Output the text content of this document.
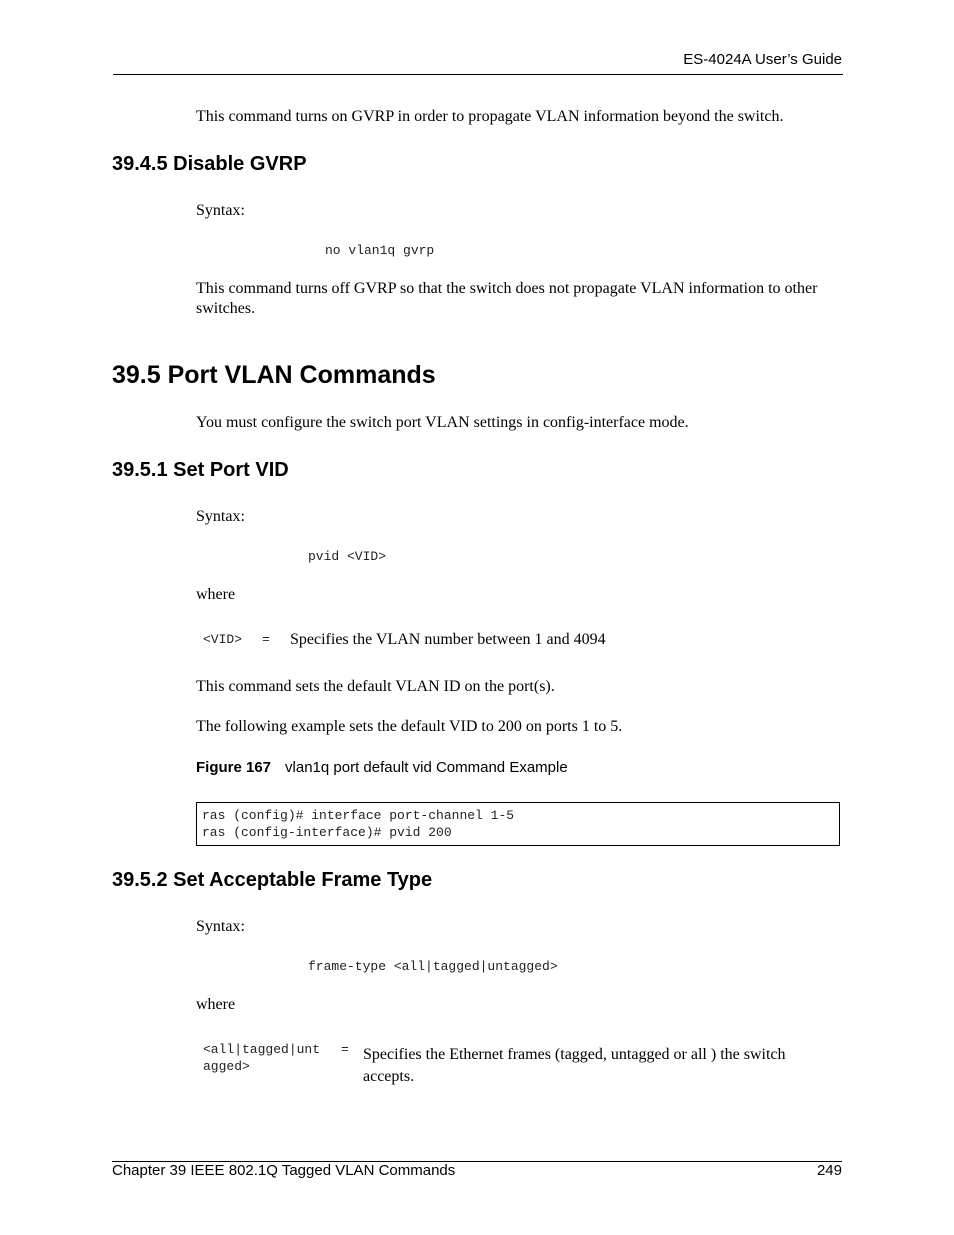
ES-4024A User’s Guide
This command turns on GVRP in order to propagate VLAN information beyond the switch.
39.4.5 Disable GVRP
Syntax:
no vlan1q gvrp
This command turns off GVRP so that the switch does not propagate VLAN information to other switches.
39.5 Port VLAN Commands
You must configure the switch port VLAN settings in config-interface mode.
39.5.1 Set Port VID
Syntax:
pvid <VID>
where
<VID> = Specifies the VLAN number between 1 and 4094
This command sets the default VLAN ID on the port(s).
The following example sets the default VID to 200 on ports 1 to 5.
Figure 167 vlan1q port default vid Command Example
ras (config)# interface port-channel 1-5
ras (config-interface)# pvid 200
39.5.2 Set Acceptable Frame Type
Syntax:
frame-type <all|tagged|untagged>
where
<all|tagged|unt
agged>
= Specifies the Ethernet frames (tagged, untagged or all ) the switch accepts.
Chapter 39 IEEE 802.1Q Tagged VLAN Commands	249
